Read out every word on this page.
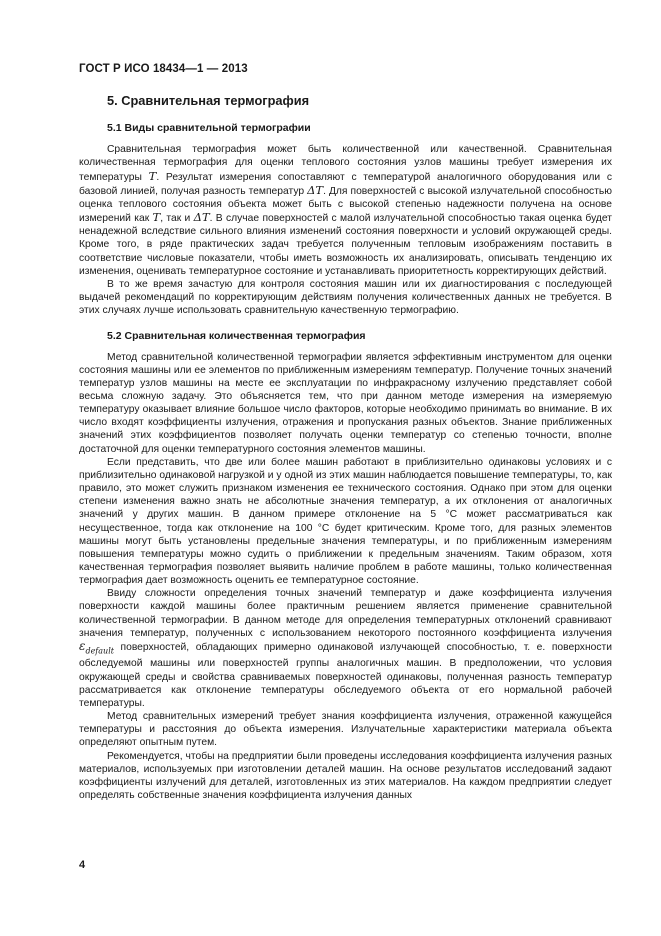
ГОСТ Р ИСО 18434—1 — 2013
5. Сравнительная термография
5.1 Виды сравнительной термографии

Сравнительная термография может быть количественной или качественной. Сравнительная количественная термография для оценки теплового состояния узлов машины требует измерения их температуры T. Результат измерения сопоставляют с температурой аналогичного оборудования или с базовой линией, получая разность температур ΔT. Для поверхностей с высокой излучательной способностью оценка теплового состояния объекта может быть с высокой степенью надежности получена на основе измерений как T, так и ΔT. В случае поверхностей с малой излучательной способностью такая оценка будет ненадежной вследствие сильного влияния изменений состояния поверхности и условий окружающей среды. Кроме того, в ряде практических задач требуется полученным тепловым изображениям поставить в соответствие числовые показатели, чтобы иметь возможность их анализировать, описывать тенденцию их изменения, оценивать температурное состояние и устанавливать приоритетность корректирующих действий.

В то же время зачастую для контроля состояния машин или их диагностирования с последующей выдачей рекомендаций по корректирующим действиям получения количественных данных не требуется. В этих случаях лучше использовать сравнительную качественную термографию.

5.2 Сравнительная количественная термография

Метод сравнительной количественной термографии является эффективным инструментом для оценки состояния машины или ее элементов по приближенным измерениям температур. Получение точных значений температур узлов машины на месте ее эксплуатации по инфракрасному излучению представляет собой весьма сложную задачу. Это объясняется тем, что при данном методе измерения на измеряемую температуру оказывает влияние большое число факторов, которые необходимо принимать во внимание. В их число входят коэффициенты излучения, отражения и пропускания разных объектов. Знание приближенных значений этих коэффициентов позволяет получать оценки температур со степенью точности, вполне достаточной для оценки температурного состояния элементов машины.

Если представить, что две или более машин работают в приблизительно одинаковы условиях и с приблизительно одинаковой нагрузкой и у одной из этих машин наблюдается повышение температуры, то, как правило, это может служить признаком изменения ее технического состояния. Однако при этом для оценки степени изменения важно знать не абсолютные значения температур, а их отклонения от аналогичных значений у других машин. В данном примере отклонение на 5 °С может рассматриваться как несущественное, тогда как отклонение на 100 °С будет критическим. Кроме того, для разных элементов машины могут быть установлены предельные значения температуры, и по приближенным измерениям повышения температуры можно судить о приближении к предельным значениям. Таким образом, хотя качественная термография позволяет выявить наличие проблем в работе машины, только количественная термография дает возможность оценить ее температурное состояние.

Ввиду сложности определения точных значений температур и даже коэффициента излучения поверхности каждой машины более практичным решением является применение сравнительной количественной термографии. В данном методе для определения температурных отклонений сравнивают значения температур, полученных с использованием некоторого постоянного коэффициента излучения $\varepsilon_{default}$ поверхностей, обладающих примерно одинаковой излучающей способностью, т. е. поверхности обследуемой машины или поверхностей группы аналогичных машин. В предположении, что условия окружающей среды и свойства сравниваемых поверхностей одинаковы, полученная разность температур рассматривается как отклонение температуры обследуемого объекта от его нормальной рабочей температуры.

Метод сравнительных измерений требует знания коэффициента излучения, отраженной кажущейся температуры и расстояния до объекта измерения. Излучательные характеристики материала объекта определяют опытным путем.

Рекомендуется, чтобы на предприятии были проведены исследования коэффициента излучения разных материалов, используемых при изготовлении деталей машин. На основе результатов исследований задают коэффициенты излучений для деталей, изготовленных из этих материалов. На каждом предприятии следует определять собственные значения коэффициента излучения данных

4
